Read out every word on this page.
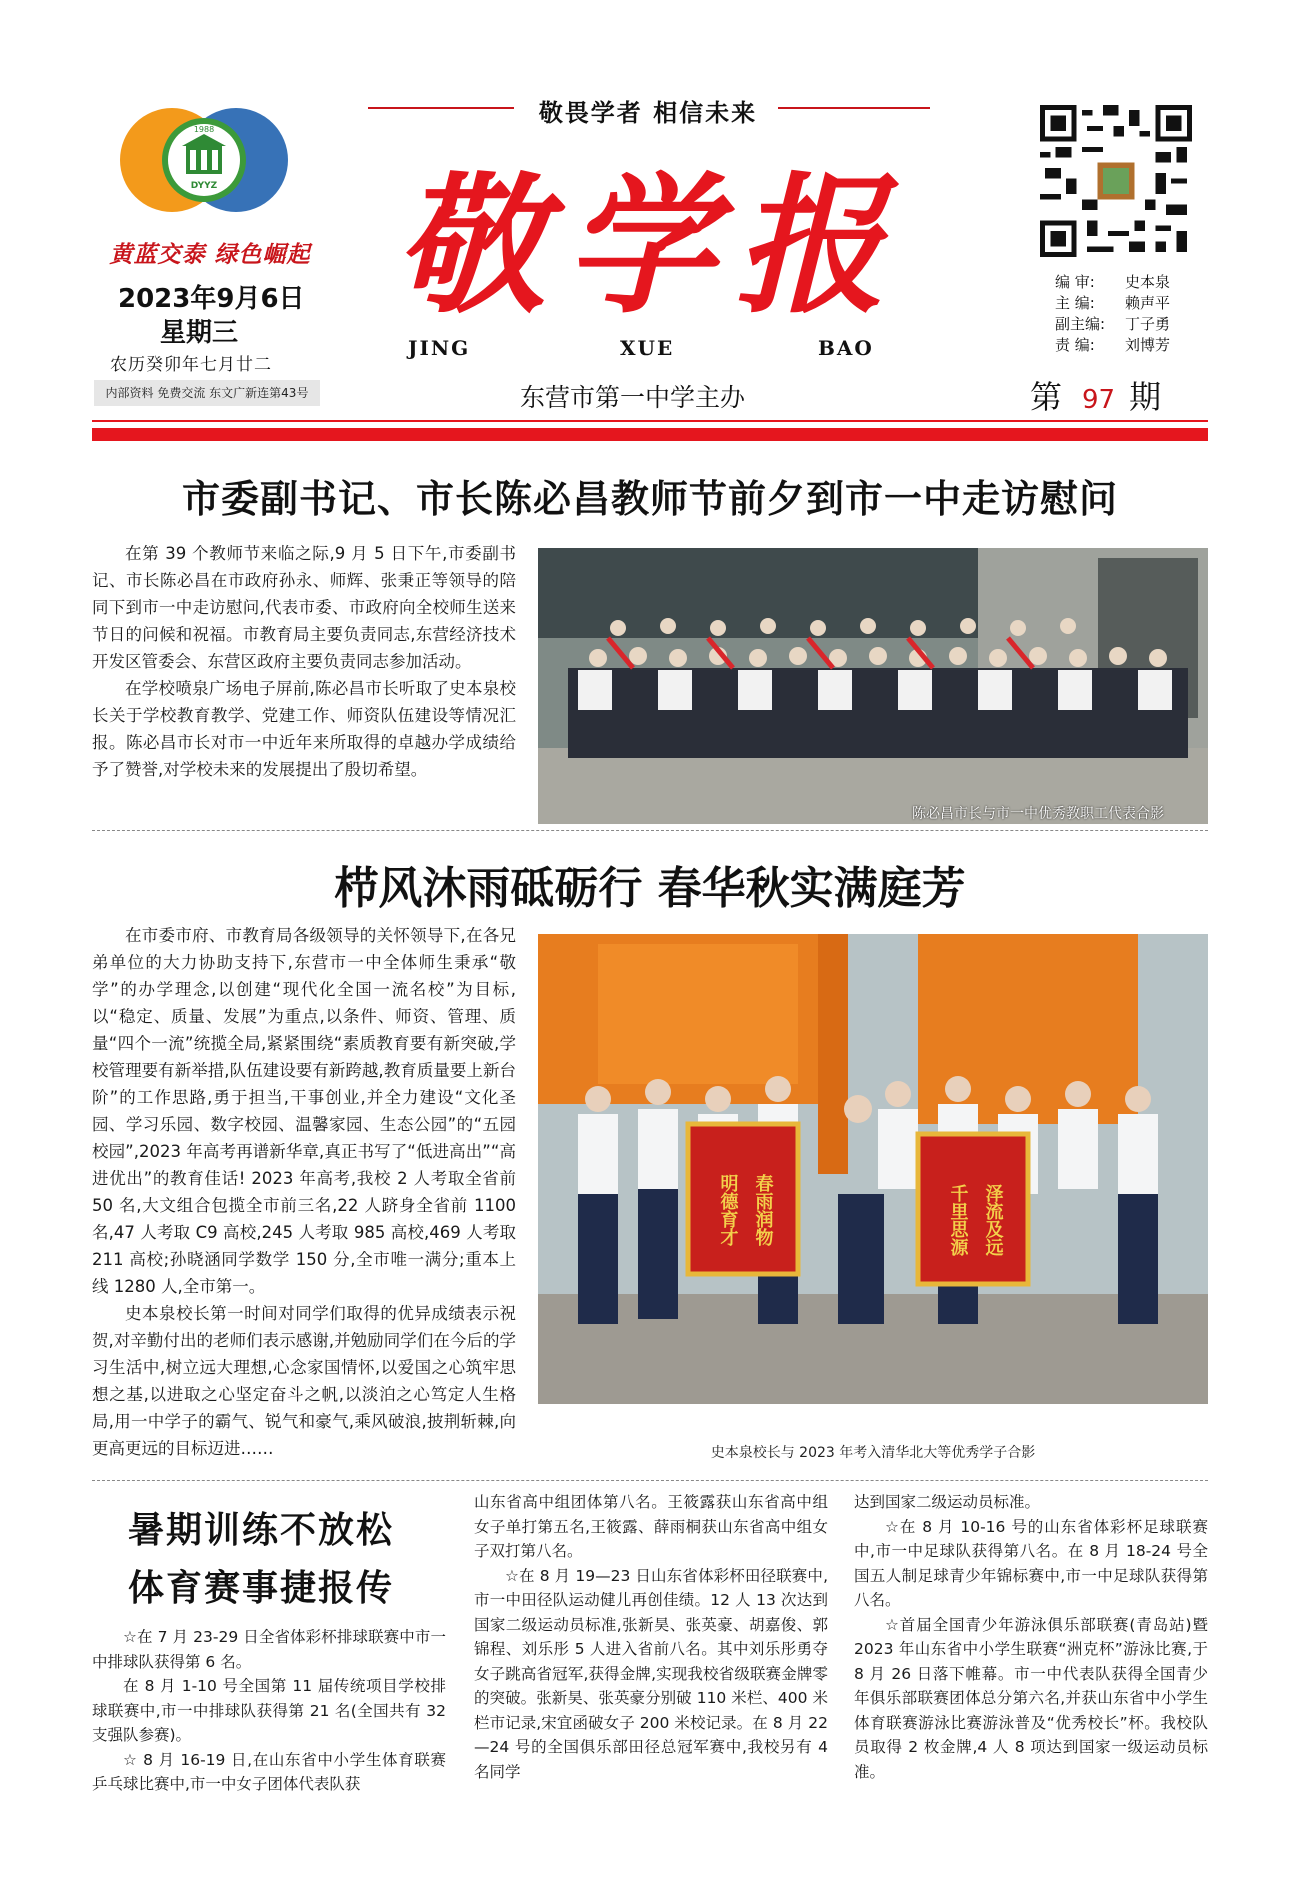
1988
DYYZ
黄蓝交泰 绿色崛起
2023年9月6日
星期三
农历癸卯年七月廿二
内部资料 免费交流 东文广新连第43号
敬畏学者 相信未来
敬学报
JING	XUE	BAO
东营市第一中学主办	第 97 期
编 审: 史本泉
主 编: 赖声平
副主编: 丁子勇
责 编: 刘博芳
市委副书记、市长陈必昌教师节前夕到市一中走访慰问

在第 39 个教师节来临之际,9 月 5 日下午,市委副书记、市长陈必昌在市政府孙永、师辉、张秉正等领导的陪同下到市一中走访慰问,代表市委、市政府向全校师生送来节日的问候和祝福。市教育局主要负责同志,东营经济技术开发区管委会、东营区政府主要负责同志参加活动。

在学校喷泉广场电子屏前,陈必昌市长听取了史本泉校长关于学校教育教学、党建工作、师资队伍建设等情况汇报。陈必昌市长对市一中近年来所取得的卓越办学成绩给予了赞誉,对学校未来的发展提出了殷切希望。

陈必昌市长与市一中优秀教职工代表合影
栉风沐雨砥砺行 春华秋实满庭芳

在市委市府、市教育局各级领导的关怀领导下,在各兄弟单位的大力协助支持下,东营市一中全体师生秉承“敬学”的办学理念,以创建“现代化全国一流名校”为目标,以“稳定、质量、发展”为重点,以条件、师资、管理、质量“四个一流”统揽全局,紧紧围绕“素质教育要有新突破,学校管理要有新举措,队伍建设要有新跨越,教育质量要上新台阶”的工作思路,勇于担当,干事创业,并全力建设“文化圣园、学习乐园、数字校园、温馨家园、生态公园”的“五园校园”,2023 年高考再谱新华章,真正书写了“低进高出”“高进优出”的教育佳话! 2023 年高考,我校 2 人考取全省前 50 名,大文组合包揽全市前三名,22 人跻身全省前 1100 名,47 人考取 C9 高校,245 人考取 985 高校,469 人考取 211 高校;孙晓涵同学数学 150 分,全市唯一满分;重本上线 1280 人,全市第一。

史本泉校长第一时间对同学们取得的优异成绩表示祝贺,对辛勤付出的老师们表示感谢,并勉励同学们在今后的学习生活中,树立远大理想,心念家国情怀,以爱国之心筑牢思想之基,以进取之心坚定奋斗之帆,以淡泊之心笃定人生格局,用一中学子的霸气、锐气和豪气,乘风破浪,披荆斩棘,向更高更远的目标迈进……

明德育才 春雨润物	千里思源 泽流及远
史本泉校长与 2023 年考入清华北大等优秀学子合影
暑期训练不放松
体育赛事捷报传

☆在 7 月 23-29 日全省体彩杯排球联赛中市一中排球队获得第 6 名。

在 8 月 1-10 号全国第 11 届传统项目学校排球联赛中,市一中排球队获得第 21 名(全国共有 32 支强队参赛)。

☆ 8 月 16-19 日,在山东省中小学生体育联赛乒乓球比赛中,市一中女子团体代表队获

山东省高中组团体第八名。王筱露获山东省高中组女子单打第五名,王筱露、薛雨桐获山东省高中组女子双打第八名。

☆在 8 月 19—23 日山东省体彩杯田径联赛中,市一中田径队运动健儿再创佳绩。12 人 13 次达到国家二级运动员标准,张新昊、张英豪、胡嘉俊、郭锦程、刘乐彤 5 人进入省前八名。其中刘乐彤勇夺女子跳高省冠军,获得金牌,实现我校省级联赛金牌零的突破。张新昊、张英豪分别破 110 米栏、400 米栏市记录,宋宜函破女子 200 米校记录。在 8 月 22—24 号的全国俱乐部田径总冠军赛中,我校另有 4 名同学

达到国家二级运动员标准。

☆在 8 月 10-16 号的山东省体彩杯足球联赛中,市一中足球队获得第八名。在 8 月 18-24 号全国五人制足球青少年锦标赛中,市一中足球队获得第八名。

☆首届全国青少年游泳俱乐部联赛(青岛站)暨 2023 年山东省中小学生联赛“洲克杯”游泳比赛,于 8 月 26 日落下帷幕。市一中代表队获得全国青少年俱乐部联赛团体总分第六名,并获山东省中小学生体育联赛游泳比赛游泳普及“优秀校长”杯。我校队员取得 2 枚金牌,4 人 8 项达到国家一级运动员标准。
